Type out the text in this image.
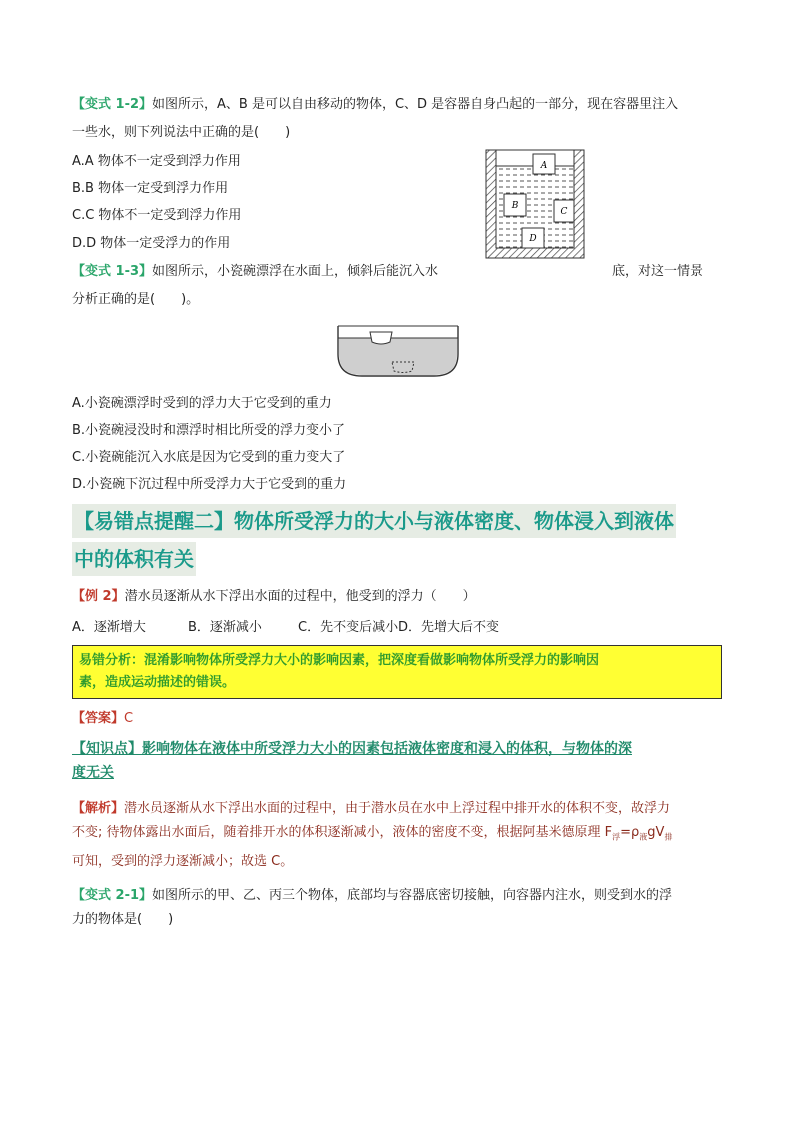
【变式 1-2】如图所示，A、B 是可以自由移动的物体，C、D 是容器自身凸起的一部分，现在容器里注入
一些水，则下列说法中正确的是(　　)
A.A 物体不一定受到浮力作用
B.B 物体一定受到浮力作用
C.C 物体不一定受到浮力作用
D.D 物体一定受浮力的作用
A
B
C
D
【变式 1-3】如图所示，小瓷碗漂浮在水面上，倾斜后能沉入水	底，对这一情景
分析正确的是(　　)。
A.小瓷碗漂浮时受到的浮力大于它受到的重力
B.小瓷碗浸没时和漂浮时相比所受的浮力变小了
C.小瓷碗能沉入水底是因为它受到的重力变大了
D.小瓷碗下沉过程中所受浮力大于它受到的重力
【易错点提醒二】物体所受浮力的大小与液体密度、物体浸入到液体
中的体积有关
【例 2】潜水员逐渐从水下浮出水面的过程中，他受到的浮力（　　）
A．逐渐增大	B．逐渐减小	C．先不变后减小D．先增大后不变
易错分析：混淆影响物体所受浮力大小的影响因素，把深度看做影响物体所受浮力的影响因
素，造成运动描述的错误。
【答案】C
【知识点】影响物体在液体中所受浮力大小的因素包括液体密度和浸入的体积，与物体的深
度无关
【解析】潜水员逐渐从水下浮出水面的过程中，由于潜水员在水中上浮过程中排开水的体积不变，故浮力
不变; 待物体露出水面后，随着排开水的体积逐渐减小，液体的密度不变，根据阿基米德原理 $F_浮=\rho_液gV_排$
可知，受到的浮力逐渐减小；故选 C。
【变式 2-1】如图所示的甲、乙、丙三个物体，底部均与容器底密切接触，向容器内注水，则受到水的浮
力的物体是(　　)
